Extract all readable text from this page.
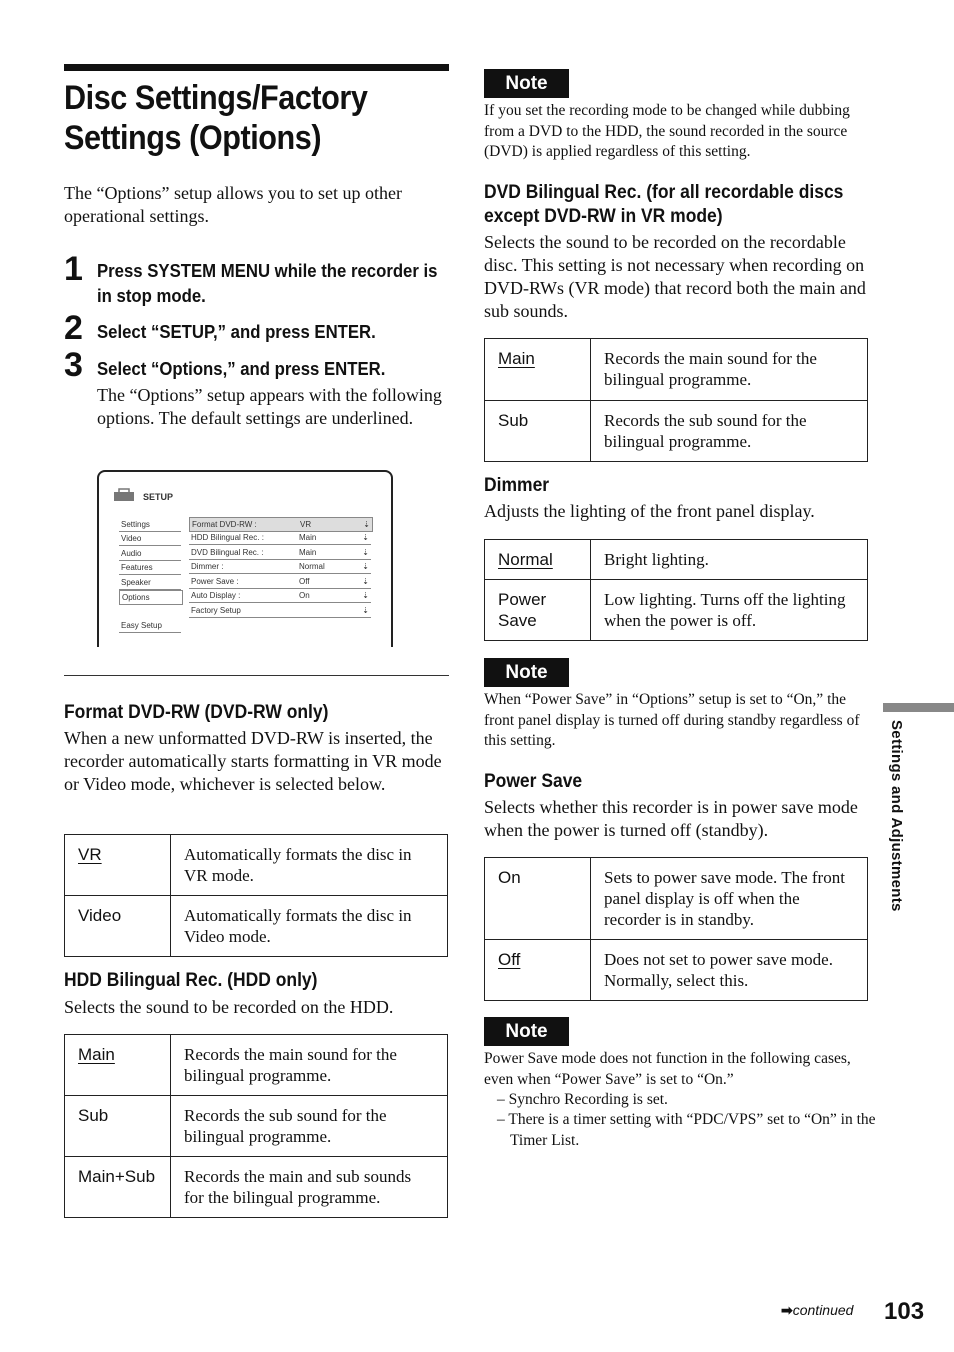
Disc Settings/Factory Settings (Options)
The “Options” setup allows you to set up other operational settings.
1 Press SYSTEM MENU while the recorder is in stop mode.
2 Select “SETUP,” and press ENTER.
3 Select “Options,” and press ENTER.
The “Options” setup appears with the following options. The default settings are underlined.
SETUP
Settings
Video
Audio
Features
Speaker
Options
Easy Setup
Format DVD-RW :	VR	⇣
HDD Bilingual Rec. :	Main	⇣
DVD Bilingual Rec. :	Main	⇣
Dimmer :	Normal	⇣
Power Save :	Off	⇣
Auto Display :	On	⇣
Factory Setup	⇣
Format DVD-RW (DVD-RW only)
When a new unformatted DVD-RW is inserted, the recorder automatically starts formatting in VR mode or Video mode, whichever is selected below.
VR	Automatically formats the disc in VR mode.
Video	Automatically formats the disc in Video mode.
HDD Bilingual Rec. (HDD only)
Selects the sound to be recorded on the HDD.
Main	Records the main sound for the bilingual programme.
Sub	Records the sub sound for the bilingual programme.
Main+Sub	Records the main and sub sounds for the bilingual programme.
Note
If you set the recording mode to be changed while dubbing from a DVD to the HDD, the sound recorded in the source (DVD) is applied regardless of this setting.
DVD Bilingual Rec. (for all recordable discs except DVD-RW in VR mode)
Selects the sound to be recorded on the recordable disc. This setting is not necessary when recording on DVD-RWs (VR mode) that record both the main and sub sounds.
Main	Records the main sound for the bilingual programme.
Sub	Records the sub sound for the bilingual programme.
Dimmer
Adjusts the lighting of the front panel display.
Normal	Bright lighting.
Power Save	Low lighting. Turns off the lighting when the power is off.
Note
When “Power Save” in “Options” setup is set to “On,” the front panel display is turned off during standby regardless of this setting.
Power Save
Selects whether this recorder is in power save mode when the power is turned off (standby).
On	Sets to power save mode. The front panel display is off when the recorder is in standby.
Off	Does not set to power save mode. Normally, select this.
Note
Power Save mode does not function in the following cases, even when “Power Save” is set to “On.”
– Synchro Recording is set.
– There is a timer setting with “PDC/VPS” set to “On” in the Timer List.
Settings and Adjustments
➡continued 103
